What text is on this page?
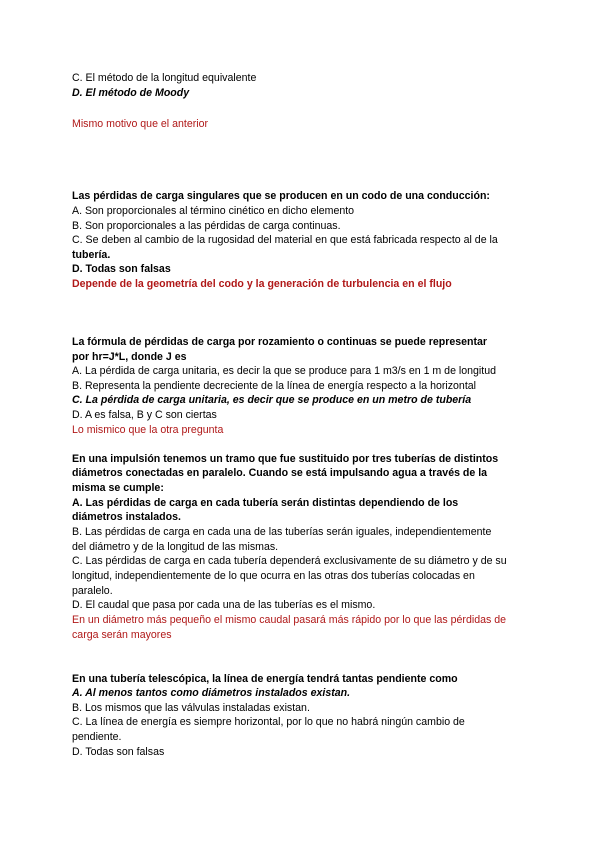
C. El método de la longitud equivalente
D. El método de Moody
Mismo motivo que el anterior
Las pérdidas de carga singulares que se producen en un codo de una conducción:
A. Son proporcionales al término cinético en dicho elemento
B. Son proporcionales a las pérdidas de carga continuas.
C. Se deben al cambio de la rugosidad del material en que está fabricada respecto al de la
tubería.
D. Todas son falsas
Depende de la geometría del codo y la generación de turbulencia en el flujo
La fórmula de pérdidas de carga por rozamiento o continuas se puede representar
por hr=J*L, donde J es
A. La pérdida de carga unitaria, es decir la que se produce para 1 m3/s en 1 m de longitud
B. Representa la pendiente decreciente de la línea de energía respecto a la horizontal
C. La pérdida de carga unitaria, es decir que se produce en un metro de tubería
D. A es falsa, B y C son ciertas
Lo mismico que la otra pregunta
En una impulsión tenemos un tramo que fue sustituido por tres tuberías de distintos
diámetros conectadas en paralelo. Cuando se está impulsando agua a través de la
misma se cumple:
A. Las pérdidas de carga en cada tubería serán distintas dependiendo de los
diámetros instalados.
B. Las pérdidas de carga en cada una de las tuberías serán iguales, independientemente
del diámetro y de la longitud de las mismas.
C. Las pérdidas de carga en cada tubería dependerá exclusivamente de su diámetro y de su
longitud, independientemente de lo que ocurra en las otras dos tuberías colocadas en
paralelo.
D. El caudal que pasa por cada una de las tuberías es el mismo.
En un diámetro más pequeño el mismo caudal pasará más rápido por lo que las pérdidas de
carga serán mayores
En una tubería telescópica, la línea de energía tendrá tantas pendiente como
A. Al menos tantos como diámetros instalados existan.
B. Los mismos que las válvulas instaladas existan.
C. La línea de energía es siempre horizontal, por lo que no habrá ningún cambio de
pendiente.
D. Todas son falsas
